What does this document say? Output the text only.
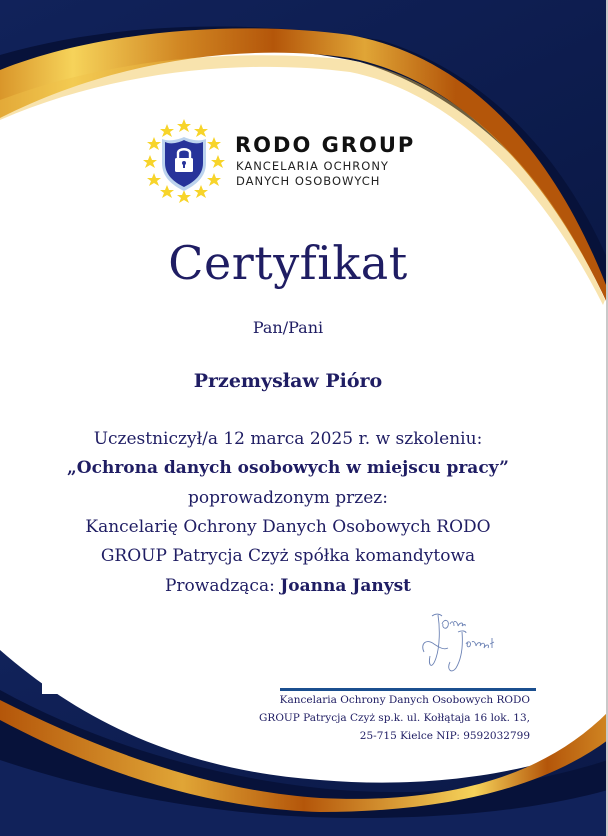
RODO GROUP
KANCELARIA OCHRONY
DANYCH OSOBOWYCH
Certyfikat
Pan/Pani
Przemysław Pióro
Uczestniczył/a 12 marca 2025 r. w szkoleniu:
„Ochrona danych osobowych w miejscu pracy”
poprowadzonym przez:
Kancelarię Ochrony Danych Osobowych RODO
GROUP Patrycja Czyż spółka komandytowa
Prowadząca: Joanna Janyst
Kancelaria Ochrony Danych Osobowych RODO
GROUP Patrycja Czyż sp.k. ul. Kołłątaja 16 lok. 13,
25-715 Kielce NIP: 9592032799
